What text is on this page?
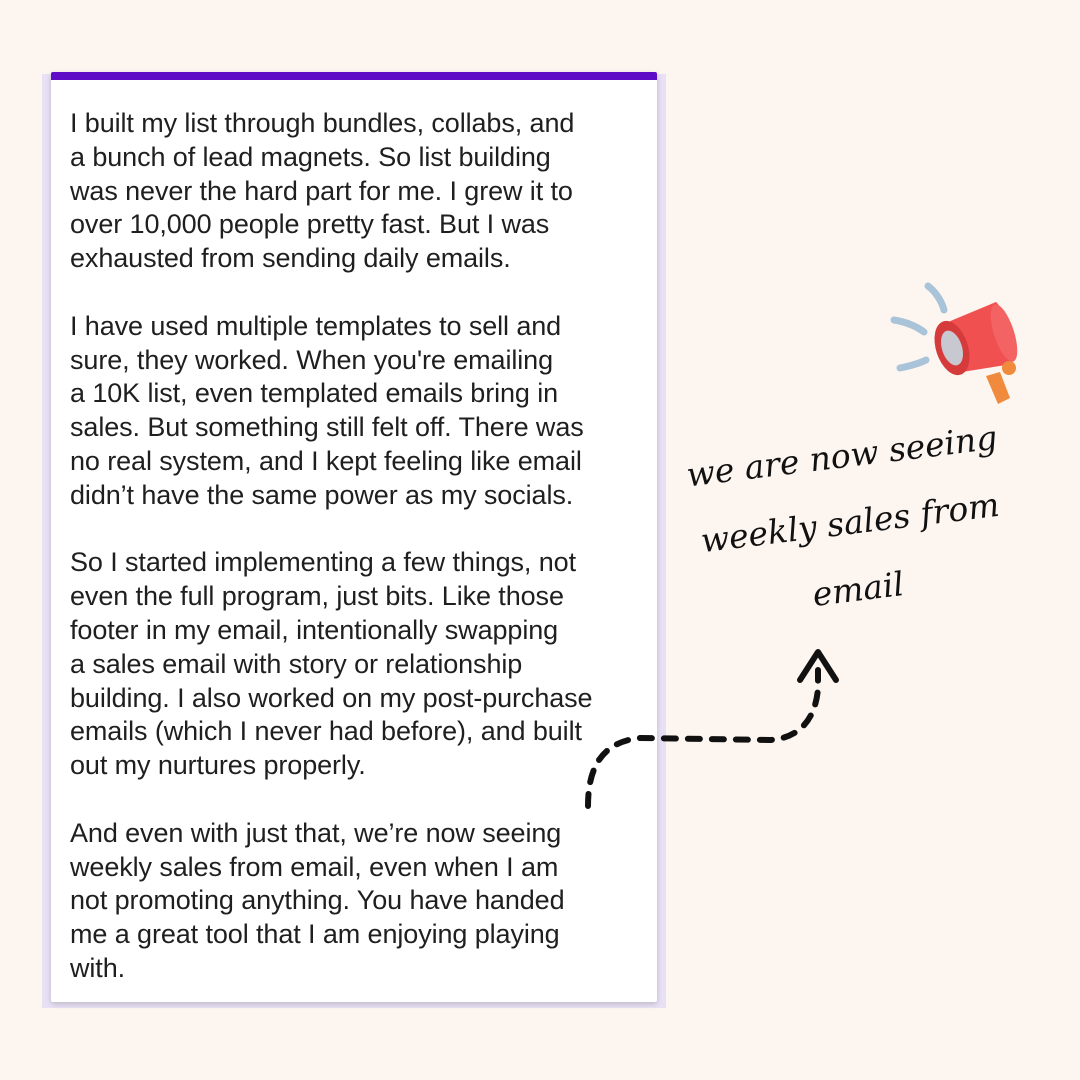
I built my list through bundles, collabs, and
a bunch of lead magnets. So list building
was never the hard part for me. I grew it to
over 10,000 people pretty fast. But I was
exhausted from sending daily emails.

I have used multiple templates to sell and
sure, they worked. When you're emailing
a 10K list, even templated emails bring in
sales. But something still felt off. There was
no real system, and I kept feeling like email
didn’t have the same power as my socials.

So I started implementing a few things, not
even the full program, just bits. Like those
footer in my email, intentionally swapping
a sales email with story or relationship
building. I also worked on my post-purchase
emails (which I never had before), and built
out my nurtures properly.

And even with just that, we’re now seeing
weekly sales from email, even when I am
not promoting anything. You have handed
me a great tool that I am enjoying playing
with.

we are now seeing
weekly sales from
email
